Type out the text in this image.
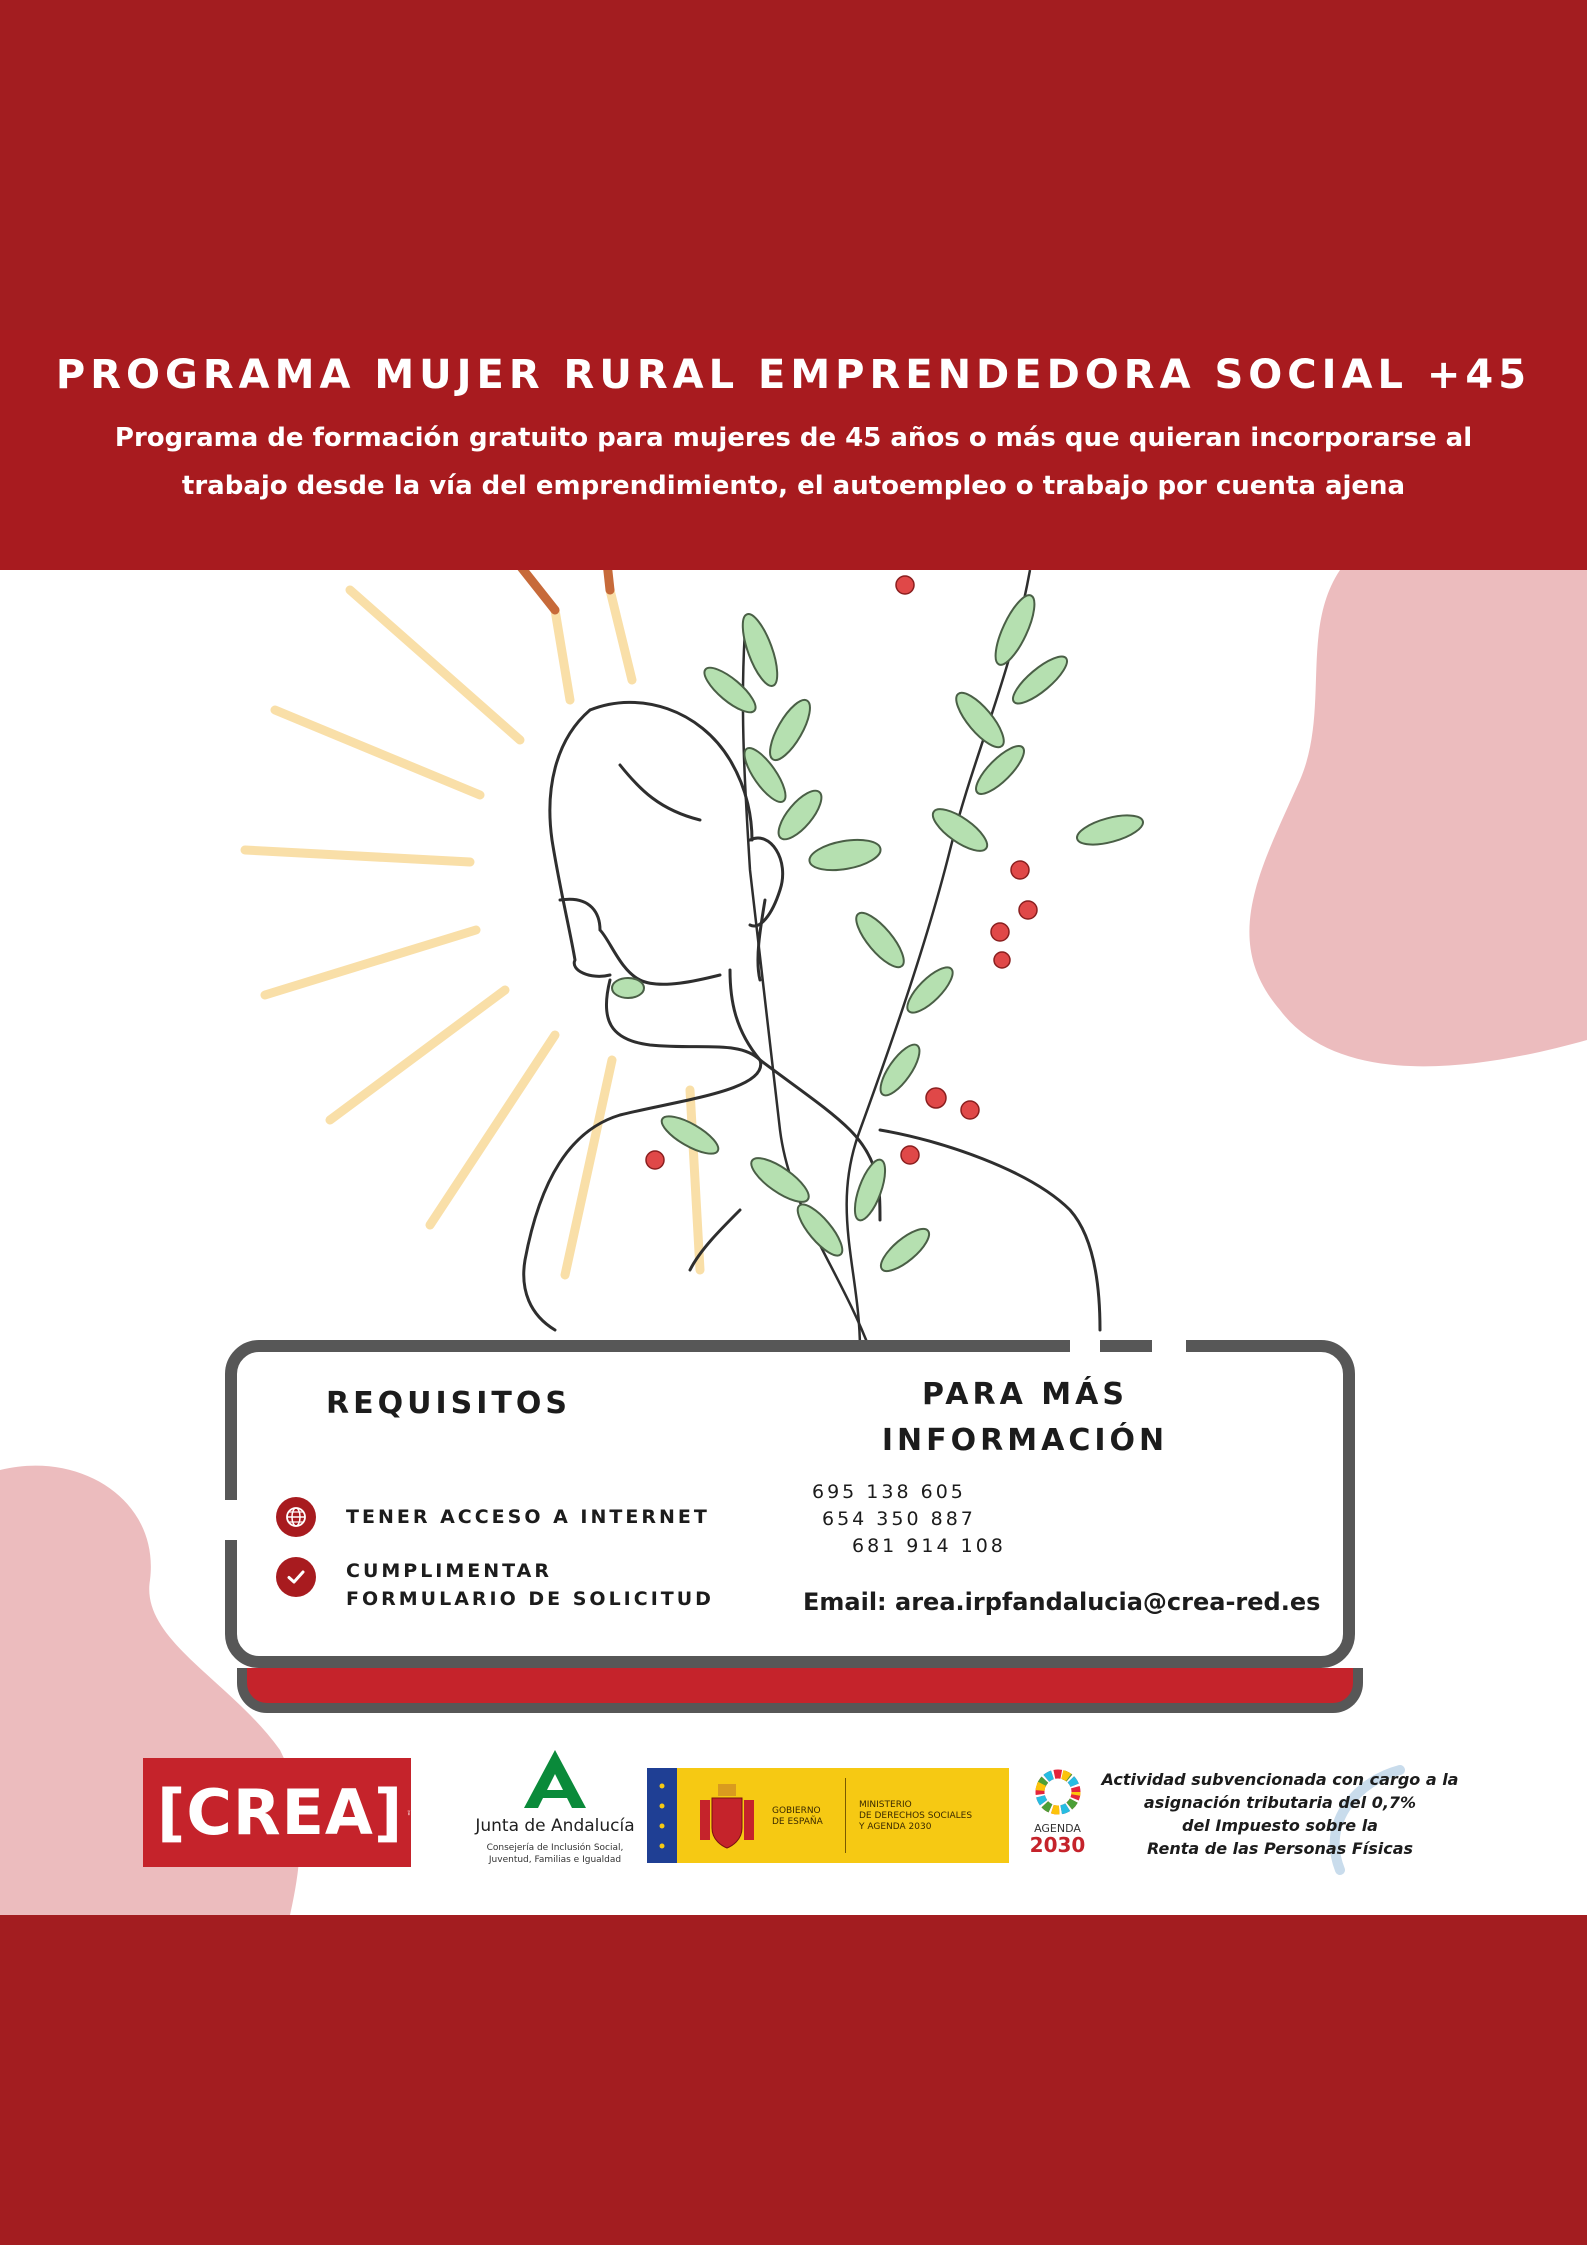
PROGRAMA MUJER RURAL EMPRENDEDORA SOCIAL +45
Programa de formación gratuito para mujeres de 45 años o más que quieran incorporarse al
trabajo desde la vía del emprendimiento, el autoempleo o trabajo por cuenta ajena
REQUISITOS
TENER ACCESO A INTERNET
CUMPLIMENTAR
FORMULARIO DE SOLICITUD
PARA MÁS
INFORMACIÓN
695 138 605
654 350 887
681 914 108
Email: area.irpfandalucia@crea-red.es
[CREA]	Junta de Andalucía
Consejería de Inclusión Social,
Juventud, Familias e Igualdad
GOBIERNO
DE ESPAÑA
MINISTERIO
DE DERECHOS SOCIALES
Y AGENDA 2030	AGENDA
2030
Actividad subvencionada con cargo a la
asignación tributaria del 0,7%
del Impuesto sobre la
Renta de las Personas Físicas
